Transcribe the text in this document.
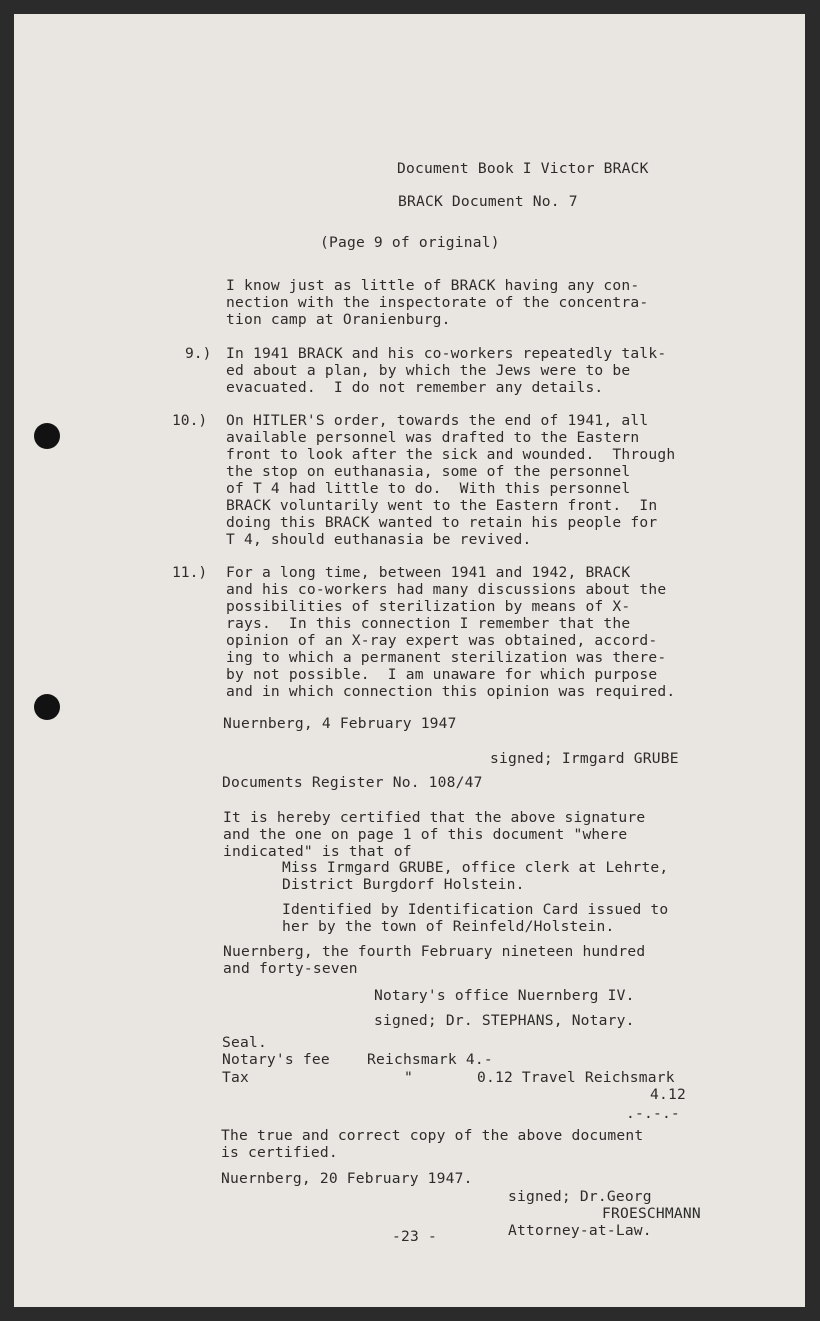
Document Book I Victor BRACK
BRACK Document No. 7
(Page 9 of original)
I know just as little of BRACK having any con-
nection with the inspectorate of the concentra-
tion camp at Oranienburg.
9.) In 1941 BRACK and his co-workers repeatedly talk-
ed about a plan, by which the Jews were to be
evacuated.  I do not remember any details.
10.) On HITLER'S order, towards the end of 1941, all
available personnel was drafted to the Eastern
front to look after the sick and wounded.  Through
the stop on euthanasia, some of the personnel
of T 4 had little to do.  With this personnel
BRACK voluntarily went to the Eastern front.  In
doing this BRACK wanted to retain his people for
T 4, should euthanasia be revived.
11.) For a long time, between 1941 and 1942, BRACK
and his co-workers had many discussions about the
possibilities of sterilization by means of X-
rays.  In this connection I remember that the
opinion of an X-ray expert was obtained, accord-
ing to which a permanent sterilization was there-
by not possible.  I am unaware for which purpose
and in which connection this opinion was required.
Nuernberg, 4 February 1947
signed; Irmgard GRUBE
Documents Register No. 108/47
It is hereby certified that the above signature
and the one on page 1 of this document "where
indicated" is that of
Miss Irmgard GRUBE, office clerk at Lehrte,
District Burgdorf Holstein.
Identified by Identification Card issued to
her by the town of Reinfeld/Holstein.
Nuernberg, the fourth February nineteen hundred
and forty-seven
Notary's office Nuernberg IV.
signed; Dr. STEPHANS, Notary.
Seal.
Notary's fee	Reichsmark 4.-
Tax	"	0.12 Travel Reichsmark
4.12
.-.-.-
The true and correct copy of the above document
is certified.
Nuernberg, 20 February 1947.
signed; Dr.Georg
FROESCHMANN
Attorney-at-Law.
-23 -
